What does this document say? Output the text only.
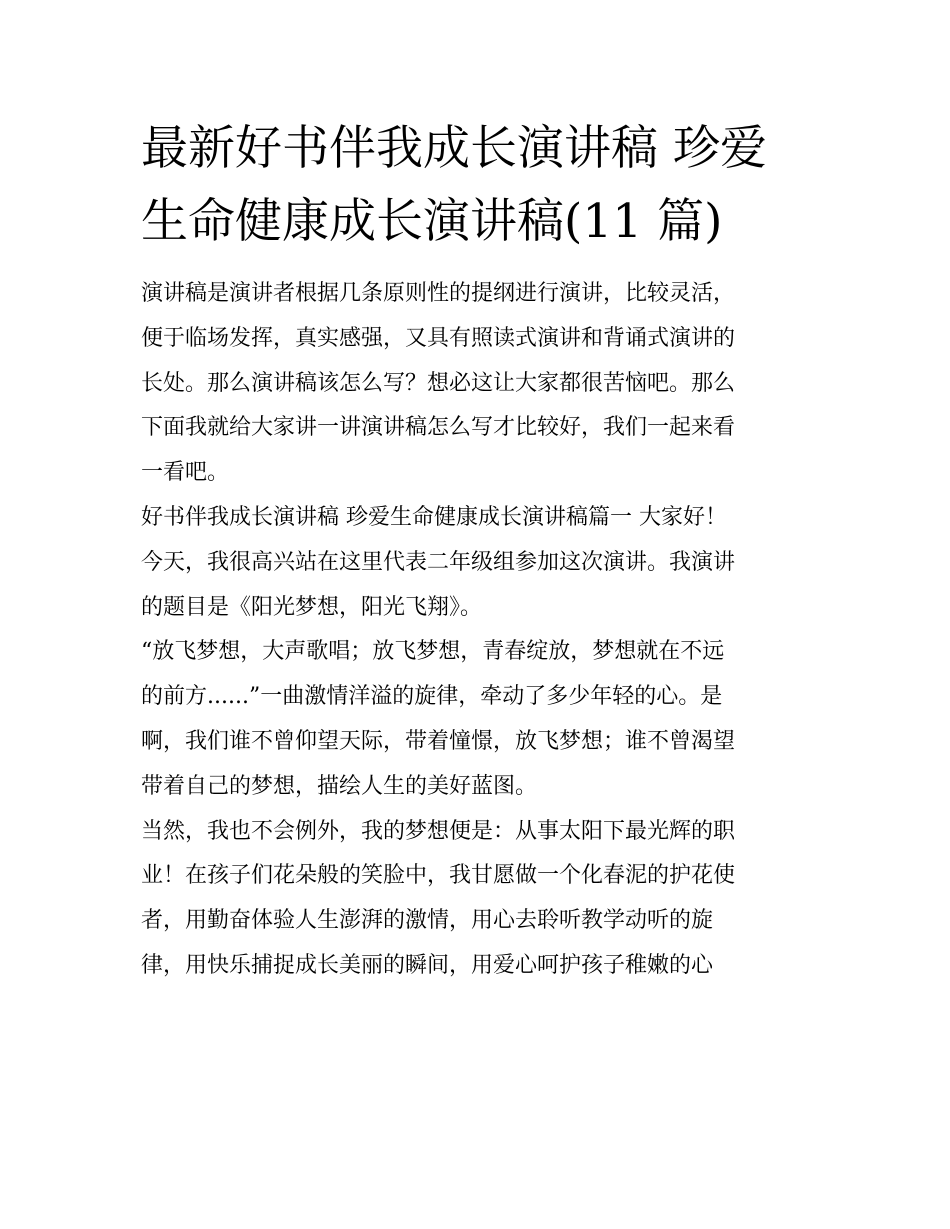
最新好书伴我成长演讲稿 珍爱
生命健康成长演讲稿(11 篇)

演讲稿是演讲者根据几条原则性的提纲进行演讲，比较灵活，
便于临场发挥，真实感强，又具有照读式演讲和背诵式演讲的
长处。那么演讲稿该怎么写？想必这让大家都很苦恼吧。那么
下面我就给大家讲一讲演讲稿怎么写才比较好，我们一起来看
一看吧。

好书伴我成长演讲稿 珍爱生命健康成长演讲稿篇一 大家好！
今天，我很高兴站在这里代表二年级组参加这次演讲。我演讲
的题目是《阳光梦想，阳光飞翔》。

“放飞梦想，大声歌唱；放飞梦想，青春绽放，梦想就在不远
的前方......”一曲激情洋溢的旋律，牵动了多少年轻的心。是
啊，我们谁不曾仰望天际，带着憧憬，放飞梦想；谁不曾渴望
带着自己的梦想，描绘人生的美好蓝图。

当然，我也不会例外，我的梦想便是：从事太阳下最光辉的职
业！在孩子们花朵般的笑脸中，我甘愿做一个化春泥的护花使
者，用勤奋体验人生澎湃的激情，用心去聆听教学动听的旋
律，用快乐捕捉成长美丽的瞬间，用爱心呵护孩子稚嫩的心
